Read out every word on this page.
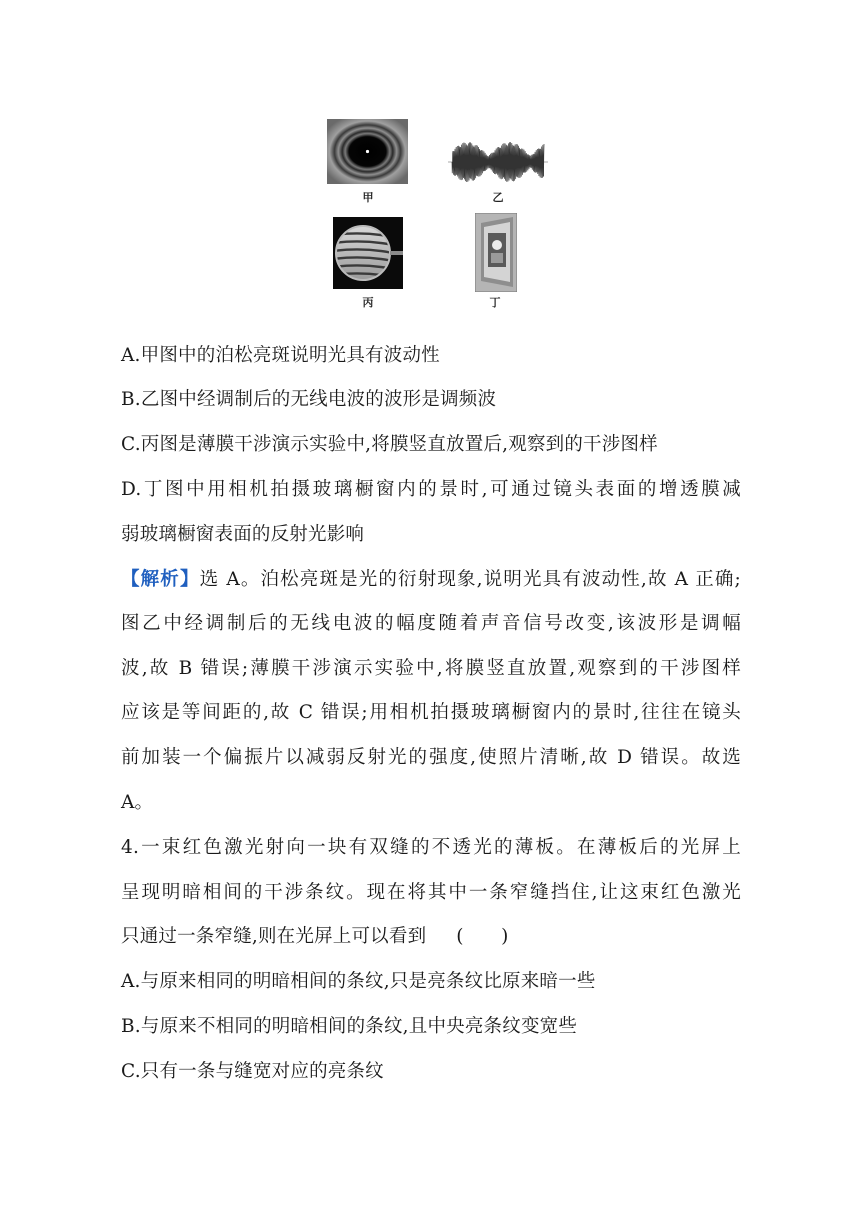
甲	乙
丙	丁
A.甲图中的泊松亮斑说明光具有波动性
B.乙图中经调制后的无线电波的波形是调频波
C.丙图是薄膜干涉演示实验中,将膜竖直放置后,观察到的干涉图样
D.丁图中用相机拍摄玻璃橱窗内的景时,可通过镜头表面的增透膜减
弱玻璃橱窗表面的反射光影响
【解析】选 A。泊松亮斑是光的衍射现象,说明光具有波动性,故 A 正确;
图乙中经调制后的无线电波的幅度随着声音信号改变,该波形是调幅
波,故 B 错误;薄膜干涉演示实验中,将膜竖直放置,观察到的干涉图样
应该是等间距的,故 C 错误;用相机拍摄玻璃橱窗内的景时,往往在镜头
前加装一个偏振片以减弱反射光的强度,使照片清晰,故 D 错误。故选
A。
4.一束红色激光射向一块有双缝的不透光的薄板。在薄板后的光屏上
呈现明暗相间的干涉条纹。现在将其中一条窄缝挡住,让这束红色激光
只通过一条窄缝,则在光屏上可以看到 (　　)
A.与原来相同的明暗相间的条纹,只是亮条纹比原来暗一些
B.与原来不相同的明暗相间的条纹,且中央亮条纹变宽些
C.只有一条与缝宽对应的亮条纹
